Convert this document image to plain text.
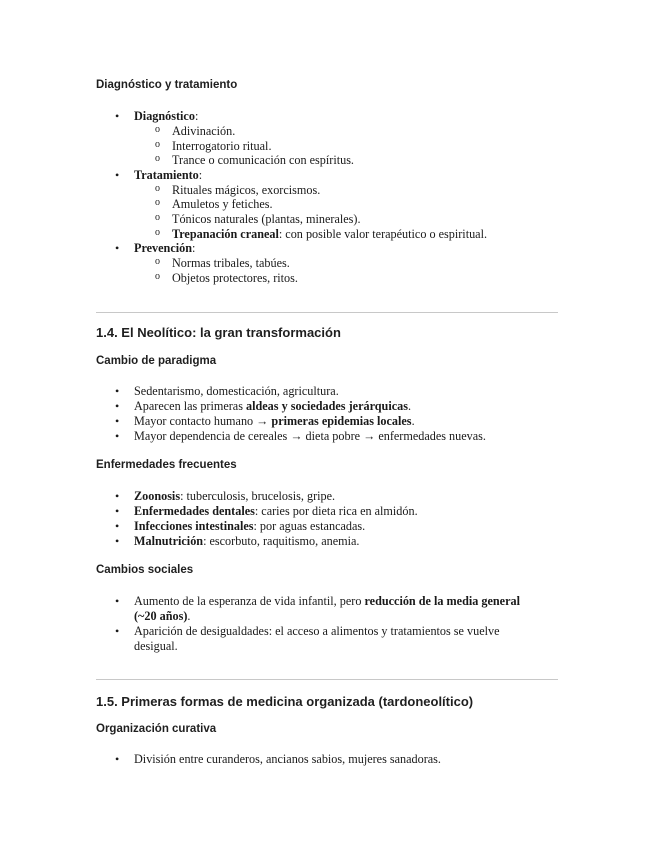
Diagnóstico y tratamiento
• Diagnóstico:
o Adivinación.
o Interrogatorio ritual.
o Trance o comunicación con espíritus.
• Tratamiento:
o Rituales mágicos, exorcismos.
o Amuletos y fetiches.
o Tónicos naturales (plantas, minerales).
o Trepanación craneal: con posible valor terapéutico o espiritual.
• Prevención:
o Normas tribales, tabúes.
o Objetos protectores, ritos.
1.4. El Neolítico: la gran transformación
Cambio de paradigma
• Sedentarismo, domesticación, agricultura.
• Aparecen las primeras aldeas y sociedades jerárquicas.
• Mayor contacto humano → primeras epidemias locales.
• Mayor dependencia de cereales → dieta pobre → enfermedades nuevas.
Enfermedades frecuentes
• Zoonosis: tuberculosis, brucelosis, gripe.
• Enfermedades dentales: caries por dieta rica en almidón.
• Infecciones intestinales: por aguas estancadas.
• Malnutrición: escorbuto, raquitismo, anemia.
Cambios sociales
• Aumento de la esperanza de vida infantil, pero reducción de la media general (~20 años).
• Aparición de desigualdades: el acceso a alimentos y tratamientos se vuelve desigual.
1.5. Primeras formas de medicina organizada (tardoneolítico)
Organización curativa
• División entre curanderos, ancianos sabios, mujeres sanadoras.
